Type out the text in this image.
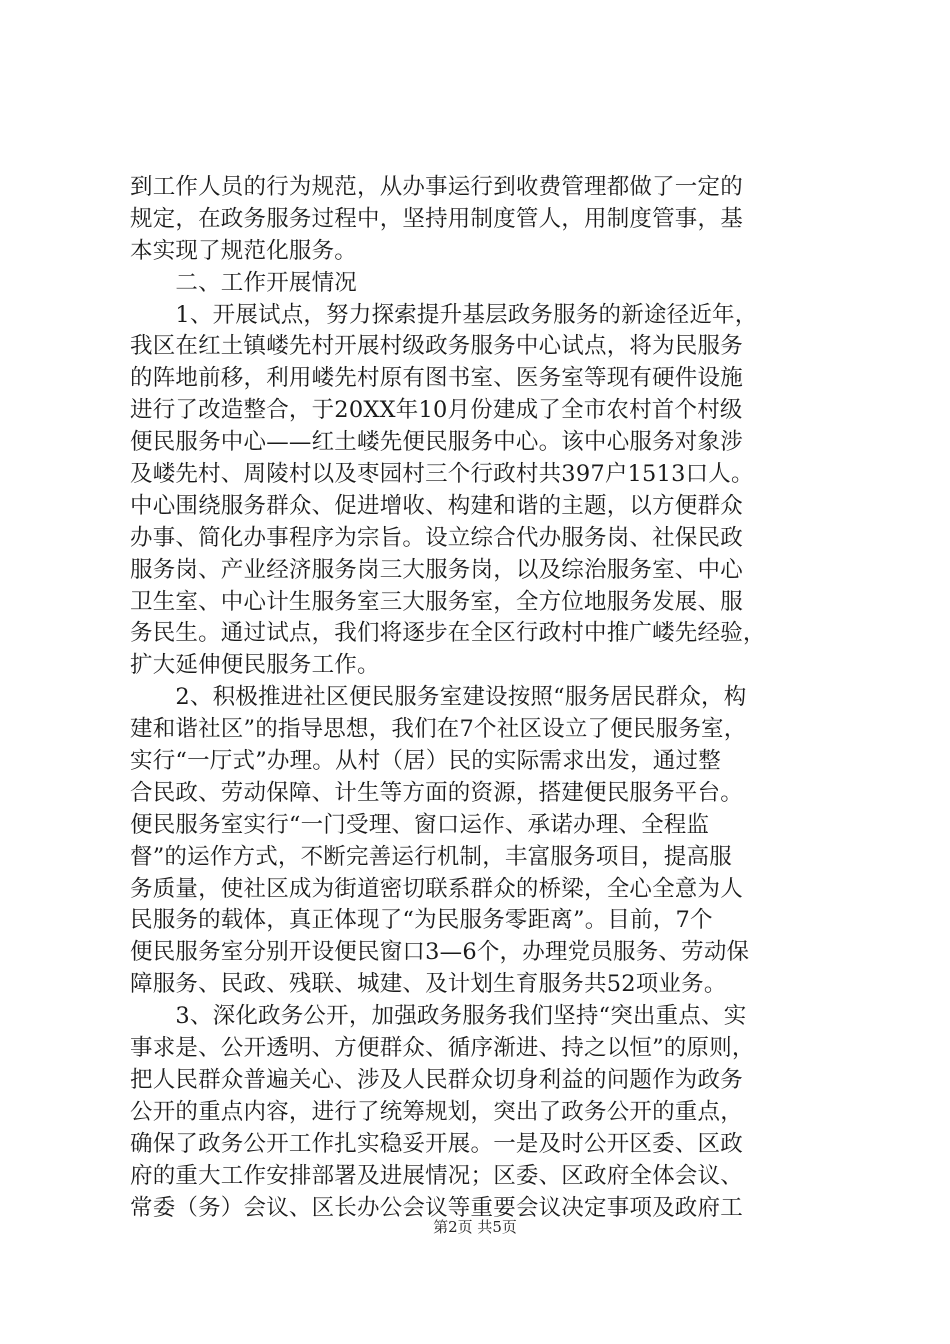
到工作人员的行为规范，从办事运行到收费管理都做了一定的
规定，在政务服务过程中，坚持用制度管人，用制度管事，基
本实现了规范化服务。
　　二、工作开展情况
　　1、开展试点，努力探索提升基层政务服务的新途径近年，
我区在红土镇嵝先村开展村级政务服务中心试点，将为民服务
的阵地前移，利用嵝先村原有图书室、医务室等现有硬件设施
进行了改造整合，于20XX年10月份建成了全市农村首个村级
便民服务中心——红土嵝先便民服务中心。该中心服务对象涉
及嵝先村、周陵村以及枣园村三个行政村共397户1513口人。
中心围绕服务群众、促进增收、构建和谐的主题，以方便群众
办事、简化办事程序为宗旨。设立综合代办服务岗、社保民政
服务岗、产业经济服务岗三大服务岗，以及综治服务室、中心
卫生室、中心计生服务室三大服务室，全方位地服务发展、服
务民生。通过试点，我们将逐步在全区行政村中推广嵝先经验，
扩大延伸便民服务工作。
　　2、积极推进社区便民服务室建设按照“服务居民群众，构
建和谐社区”的指导思想，我们在7个社区设立了便民服务室，
实行“一厅式”办理。从村（居）民的实际需求出发，通过整
合民政、劳动保障、计生等方面的资源，搭建便民服务平台。
便民服务室实行“一门受理、窗口运作、承诺办理、全程监
督”的运作方式，不断完善运行机制，丰富服务项目，提高服
务质量，使社区成为街道密切联系群众的桥梁，全心全意为人
民服务的载体，真正体现了“为民服务零距离”。目前，7个
便民服务室分别开设便民窗口3—6个，办理党员服务、劳动保
障服务、民政、残联、城建、及计划生育服务共52项业务。
　　3、深化政务公开，加强政务服务我们坚持“突出重点、实
事求是、公开透明、方便群众、循序渐进、持之以恒”的原则，
把人民群众普遍关心、涉及人民群众切身利益的问题作为政务
公开的重点内容，进行了统筹规划，突出了政务公开的重点，
确保了政务公开工作扎实稳妥开展。一是及时公开区委、区政
府的重大工作安排部署及进展情况；区委、区政府全体会议、
常委（务）会议、区长办公会议等重要会议决定事项及政府工
第2页 共5页
